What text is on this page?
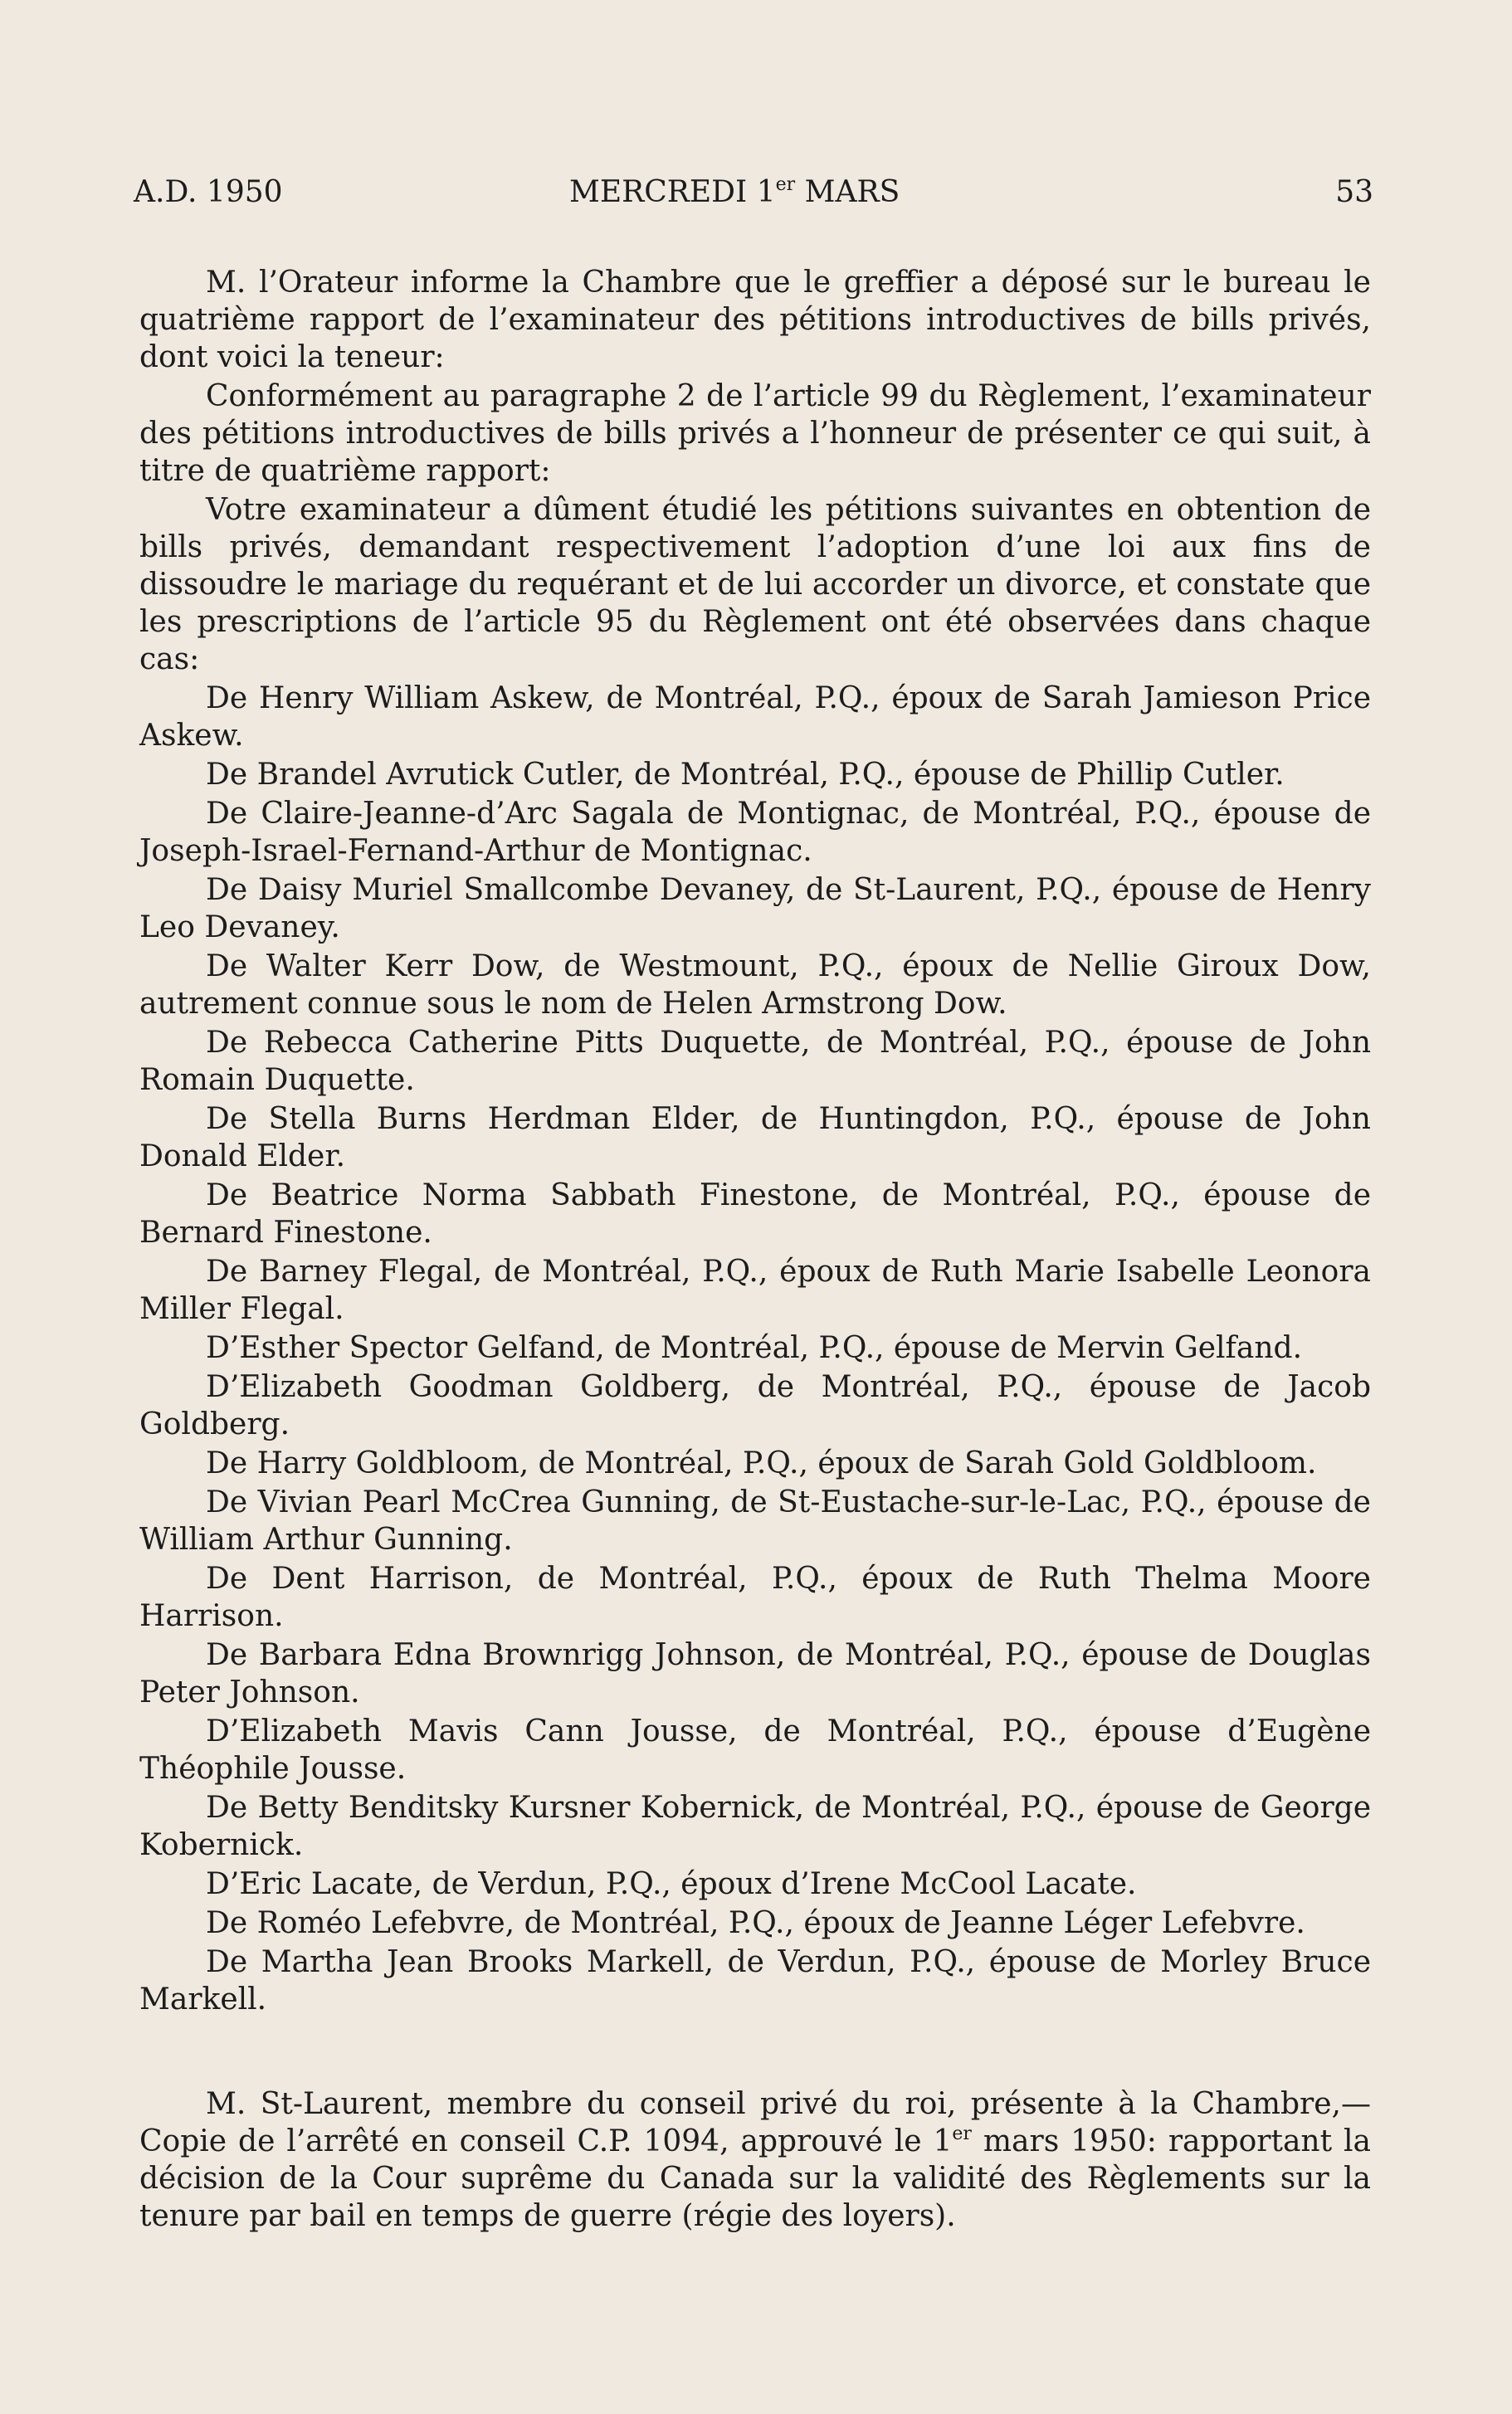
A.D. 1950	MERCREDI 1er MARS	53

M. l’Orateur informe la Chambre que le greffier a déposé sur le bureau le quatrième rapport de l’examinateur des pétitions introductives de bills privés, dont voici la teneur:

Conformément au paragraphe 2 de l’article 99 du Règlement, l’examinateur des pétitions introductives de bills privés a l’honneur de présenter ce qui suit, à titre de quatrième rapport:

Votre examinateur a dûment étudié les pétitions suivantes en obtention de bills privés, demandant respectivement l’adoption d’une loi aux fins de dissoudre le mariage du requérant et de lui accorder un divorce, et constate que les prescriptions de l’article 95 du Règlement ont été observées dans chaque cas:

De Henry William Askew, de Montréal, P.Q., époux de Sarah Jamieson Price Askew.

De Brandel Avrutick Cutler, de Montréal, P.Q., épouse de Phillip Cutler.

De Claire-Jeanne-d’Arc Sagala de Montignac, de Montréal, P.Q., épouse de Joseph-Israel-Fernand-Arthur de Montignac.

De Daisy Muriel Smallcombe Devaney, de St-Laurent, P.Q., épouse de Henry Leo Devaney.

De Walter Kerr Dow, de Westmount, P.Q., époux de Nellie Giroux Dow, autrement connue sous le nom de Helen Armstrong Dow.

De Rebecca Catherine Pitts Duquette, de Montréal, P.Q., épouse de John Romain Duquette.

De Stella Burns Herdman Elder, de Huntingdon, P.Q., épouse de John Donald Elder.

De Beatrice Norma Sabbath Finestone, de Montréal, P.Q., épouse de Bernard Finestone.

De Barney Flegal, de Montréal, P.Q., époux de Ruth Marie Isabelle Leonora Miller Flegal.

D’Esther Spector Gelfand, de Montréal, P.Q., épouse de Mervin Gelfand.

D’Elizabeth Goodman Goldberg, de Montréal, P.Q., épouse de Jacob Goldberg.

De Harry Goldbloom, de Montréal, P.Q., époux de Sarah Gold Goldbloom.

De Vivian Pearl McCrea Gunning, de St-Eustache-sur-le-Lac, P.Q., épouse de William Arthur Gunning.

De Dent Harrison, de Montréal, P.Q., époux de Ruth Thelma Moore Harrison.

De Barbara Edna Brownrigg Johnson, de Montréal, P.Q., épouse de Douglas Peter Johnson.

D’Elizabeth Mavis Cann Jousse, de Montréal, P.Q., épouse d’Eugène Théophile Jousse.

De Betty Benditsky Kursner Kobernick, de Montréal, P.Q., épouse de George Kobernick.

D’Eric Lacate, de Verdun, P.Q., époux d’Irene McCool Lacate.

De Roméo Lefebvre, de Montréal, P.Q., époux de Jeanne Léger Lefebvre.

De Martha Jean Brooks Markell, de Verdun, P.Q., épouse de Morley Bruce Markell.

M. St-Laurent, membre du conseil privé du roi, présente à la Chambre,— Copie de l’arrêté en conseil C.P. 1094, approuvé le 1er mars 1950: rapportant la décision de la Cour suprême du Canada sur la validité des Règlements sur la tenure par bail en temps de guerre (régie des loyers).
